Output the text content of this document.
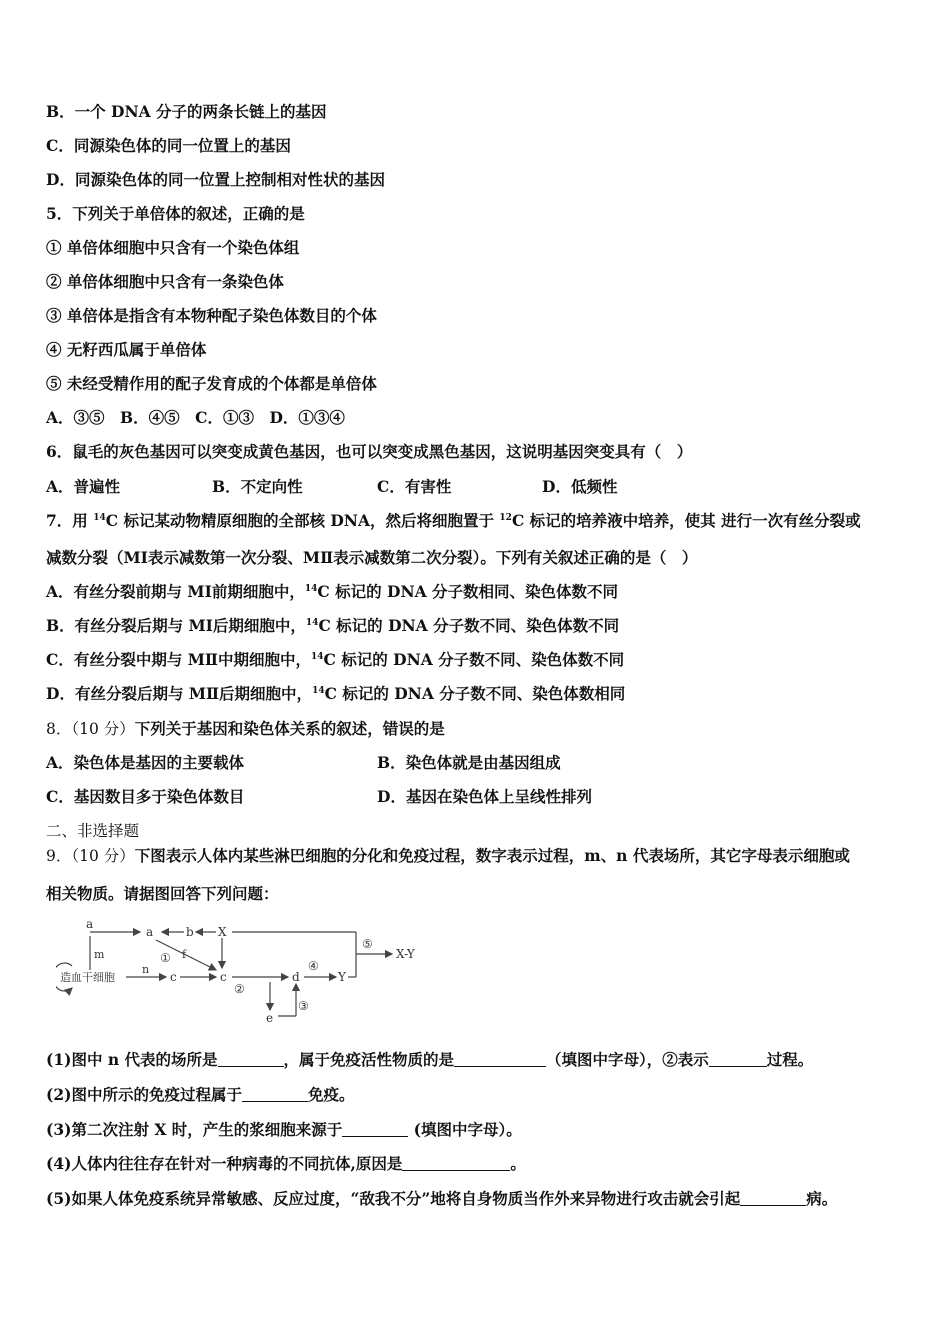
B．一个 DNA 分子的两条长链上的基因
C．同源染色体的同一位置上的基因
D．同源染色体的同一位置上控制相对性状的基因
5．下列关于单倍体的叙述，正确的是
① 单倍体细胞中只含有一个染色体组
② 单倍体细胞中只含有一条染色体
③ 单倍体是指含有本物种配子染色体数目的个体
④ 无籽西瓜属于单倍体
⑤ 未经受精作用的配子发育成的个体都是单倍体
A．③⑤　B．④⑤　C．①③　D．①③④
6．鼠毛的灰色基因可以突变成黄色基因，也可以突变成黑色基因，这说明基因突变具有（　）
A．普遍性	B．不定向性	C．有害性	D．低频性
7．用 $^{14}$C 标记某动物精原细胞的全部核 DNA，然后将细胞置于 $^{12}$C 标记的培养液中培养，使其 进行一次有丝分裂或
减数分裂（MⅠ表示减数第一次分裂、MⅡ表示减数第二次分裂）。下列有关叙述正确的是（　）
A．有丝分裂前期与 MⅠ前期细胞中，$^{14}$C 标记的 DNA 分子数相同、染色体数不同
B．有丝分裂后期与 MⅠ后期细胞中，$^{14}$C 标记的 DNA 分子数不同、染色体数不同
C．有丝分裂中期与 MⅡ中期细胞中，$^{14}$C 标记的 DNA 分子数不同、染色体数不同
D．有丝分裂后期与 MⅡ后期细胞中，$^{14}$C 标记的 DNA 分子数不同、染色体数相同
8．（10 分）下列关于基因和染色体关系的叙述，错误的是
A．染色体是基因的主要载体	B．染色体就是由基因组成
C．基因数目多于染色体数目	D．基因在染色体上呈线性排列
二、非选择题
9．（10 分）下图表示人体内某些淋巴细胞的分化和免疫过程，数字表示过程，m、n 代表场所，其它字母表示细胞或
相关物质。请据图回答下列问题：
造血干细胞
m
a
a	b X
f
①
n
c	c
②
d
④
Y
⑤
X-Y
③
e
(1)图中 n 代表的场所是	，属于免疫活性物质的是	（填图中字母），②表示	过程。
(2)图中所示的免疫过程属于	免疫。
(3)第二次注射 X 时，产生的浆细胞来源于	(填图中字母）。
(4)人体内往往存在针对一种病毒的不同抗体,原因是	。
(5)如果人体免疫系统异常敏感、反应过度，“敌我不分”地将自身物质当作外来异物进行攻击就会引起	病。
